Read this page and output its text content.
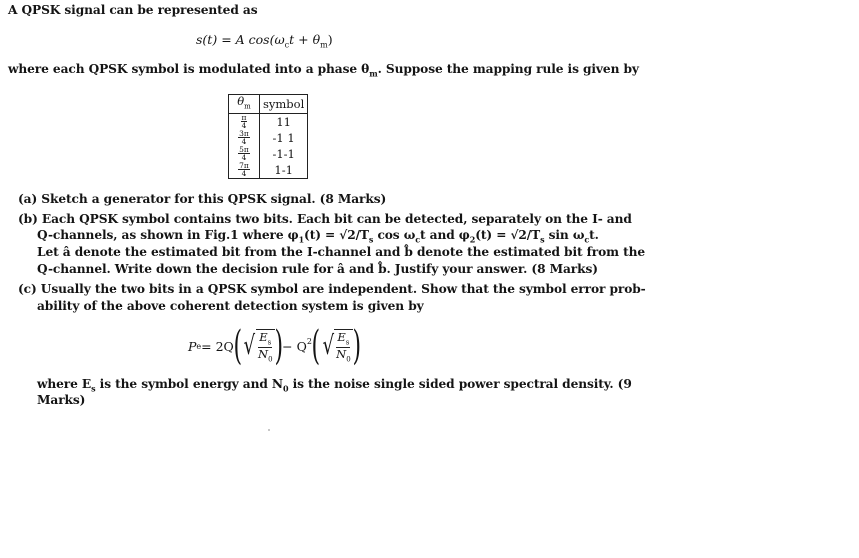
A QPSK signal can be represented as
s(t) = A $\cos(\omega_ct + \theta_m)$
where each QPSK symbol is modulated into a phase $\theta_m$. Suppose the mapping rule is given by
$\theta_m$	symbol

$\frac{\pi}{4}$	11

$\frac{3\pi}{4}$	-1 1

$\frac{5\pi}{4}$	-1-1

$\frac{7\pi}{4}$	1-1
(a) Sketch a generator for this QPSK signal. (8 Marks)
(b) Each QPSK symbol contains two bits. Each bit can be detected, separately on the I- and
Q-channels, as shown in Fig.1 where $\varphi_1(t) = √2/T_s$ $\cos \omega_ct$ and $\varphi_2(t) = √2/T_s$ $\sin \omega_ct$.
Let â denote the estimated bit from the I-channel and b̂ denote the estimated bit from the
Q-channel. Write down the decision rule for â and b̂. Justify your answer. (8 Marks)
(c) Usually the two bits in a QPSK symbol are independent. Show that the symbol error prob-
ability of the above coherent detection system is given by
P e = 2Q ( √ $E_s$
$N_0$ ) − $Q^2$ ( √ $E_s$
$N_0$ )
where $E_s$ is the symbol energy and $N_0$ is the noise single sided power spectral density. (9
Marks)
